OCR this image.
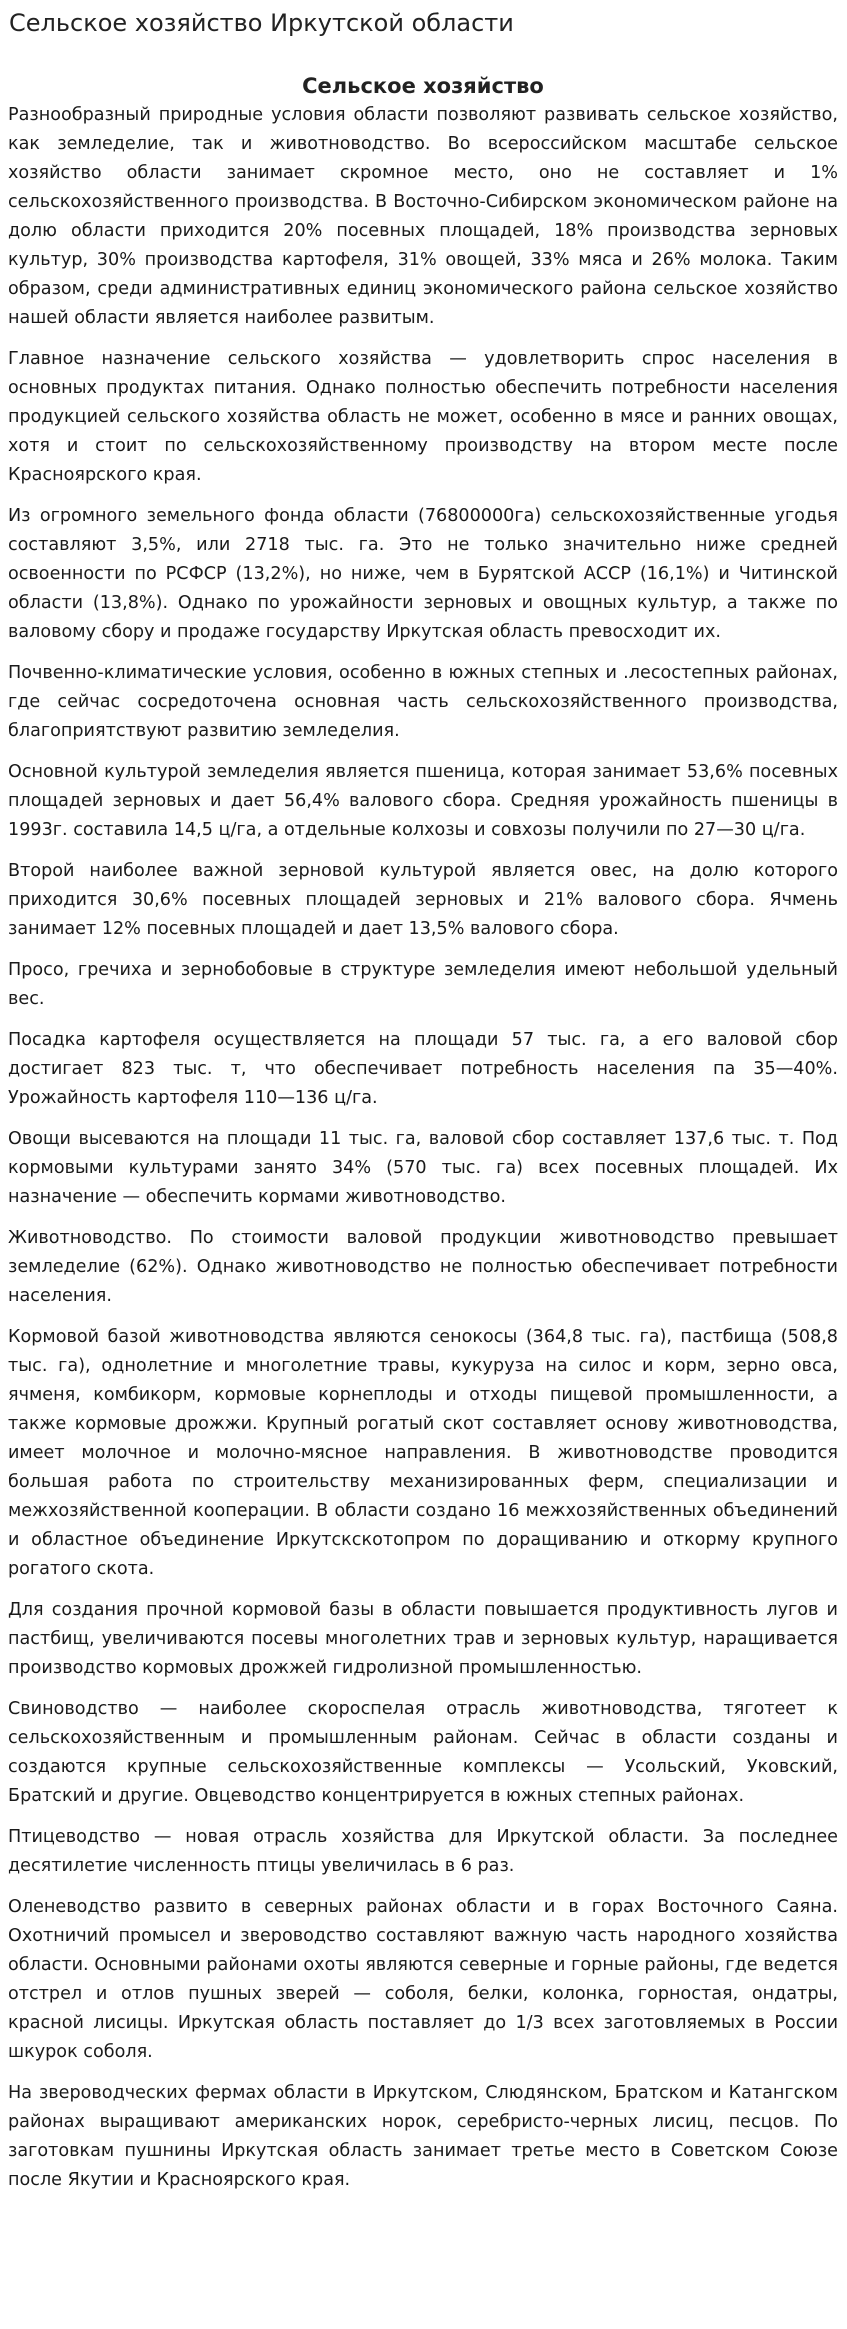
Сельское хозяйство Иркутской области
Сельское хозяйство

Разнообразный природные условия области позволяют развивать сельское хозяйство, как земледелие, так и животноводство. Во всероссийском масштабе сельское хозяйство области занимает скромное место, оно не составляет и 1% сельскохозяйственного производства. В Восточно-Сибирском экономическом районе на долю области приходится 20% посевных площадей, 18% производства зерновых культур, 30% производства картофеля, 31% овощей, 33% мяса и 26% молока. Таким образом, среди административных единиц экономического района сельское хозяйство нашей области является наиболее развитым.

Главное назначение сельского хозяйства — удовлетворить спрос населения в основных продуктах питания. Однако полностью обеспечить потребности населения продукцией сельского хозяйства область не может, особенно в мясе и ранних овощах, хотя и стоит по сельскохозяйственному производству на втором месте после Красноярского края.

Из огромного земельного фонда области (76800000га) сельскохозяйственные угодья составляют 3,5%, или 2718 тыс. га. Это не только значительно ниже средней освоенности по РСФСР (13,2%), но ниже, чем в Бурятской АССР (16,1%) и Читинской области (13,8%). Однако по урожайности зерновых и овощных культур, а также по валовому сбору и продаже государству Иркутская область превосходит их.

Почвенно-климатические условия, особенно в южных степных и .лесостепных районах, где сейчас сосредоточена основная часть сельскохозяйственного производства, благоприятствуют развитию земледелия.

Основной культурой земледелия является пшеница, которая занимает 53,6% посевных площадей зерновых и дает 56,4% валового сбора. Средняя урожайность пшеницы в 1993г. составила 14,5 ц/га, а отдельные колхозы и совхозы получили по 27—30 ц/га.

Второй наиболее важной зерновой культурой является овес, на долю которого приходится 30,6% посевных площадей зерновых и 21% валового сбора. Ячмень занимает 12% посевных площадей и дает 13,5% валового сбора.

Просо, гречиха и зернобобовые в структуре земледелия имеют небольшой удельный вес.

Посадка картофеля осуществляется на площади 57 тыс. га, а его валовой сбор достигает 823 тыс. т, что обеспечивает потребность населения па 35—40%. Урожайность картофеля 110—136 ц/га.

Овощи высеваются на площади 11 тыс. га, валовой сбор составляет 137,6 тыс. т. Под кормовыми культурами занято 34% (570 тыс. га) всех посевных площадей. Их назначение — обеспечить кормами животноводство.

Животноводство. По стоимости валовой продукции животноводство превышает земледелие (62%). Однако животноводство не полностью обеспечивает потребности населения.

Кормовой базой животноводства являются сенокосы (364,8 тыс. га), пастбища (508,8 тыс. га), однолетние и многолетние травы, кукуруза на силос и корм, зерно овса, ячменя, комбикорм, кормовые корнеплоды и отходы пищевой промышленности, а также кормовые дрожжи. Крупный рогатый скот составляет основу животноводства, имеет молочное и молочно-мясное направления. В животноводстве проводится большая работа по строительству механизированных ферм, специализации и межхозяйственной кооперации. В области создано 16 межхозяйственных объединений и областное объединение Иркутскскотопром по доращиванию и откорму крупного рогатого скота.

Для создания прочной кормовой базы в области повышается продуктивность лугов и пастбищ, увеличиваются посевы многолетних трав и зерновых культур, наращивается производство кормовых дрожжей гидролизной промышленностью.

Свиноводство — наиболее скороспелая отрасль животноводства, тяготеет к сельскохозяйственным и промышленным районам. Сейчас в области созданы и создаются крупные сельскохозяйственные комплексы — Усольский, Уковский, Братский и другие. Овцеводство концентрируется в южных степных районах.

Птицеводство — новая отрасль хозяйства для Иркутской области. За последнее десятилетие численность птицы увеличилась в 6 раз.

Оленеводство развито в северных районах области и в горах Восточного Саяна. Охотничий промысел и звероводство составляют важную часть народного хозяйства области. Основными районами охоты являются северные и горные районы, где ведется отстрел и отлов пушных зверей — соболя, белки, колонка, горностая, ондатры, красной лисицы. Иркутская область поставляет до 1/3 всех заготовляемых в России шкурок соболя.

На звероводческих фермах области в Иркутском, Слюдянском, Братском и Катангском районах выращивают американских норок, серебристо-черных лисиц, песцов. По заготовкам пушнины Иркутская область занимает третье место в Советском Союзе после Якутии и Красноярского края.
